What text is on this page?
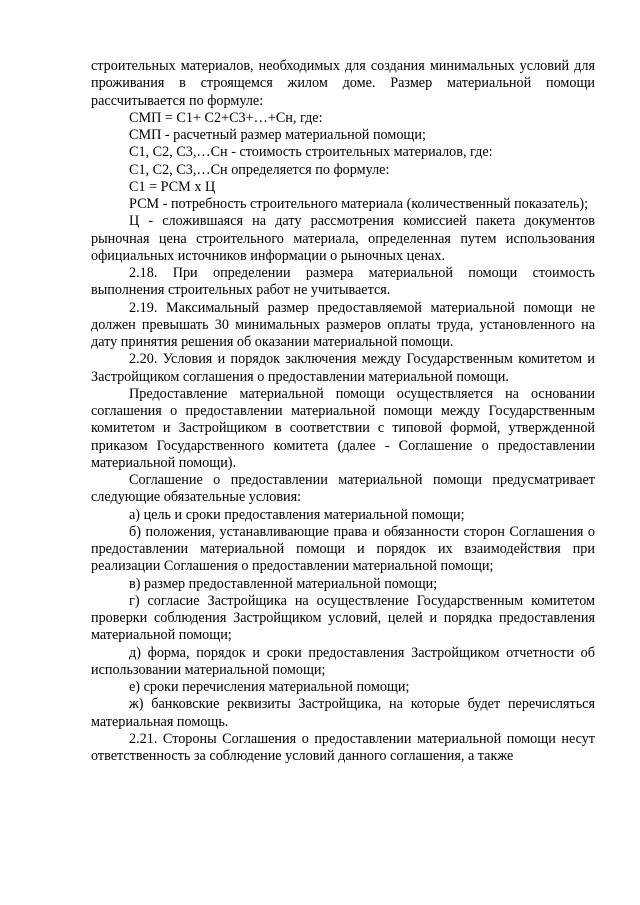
строительных материалов, необходимых для создания минимальных условий для проживания в строящемся жилом доме. Размер материальной помощи рассчитывается по формуле:

СМП = С1+ С2+С3+…+Сн, где:

СМП - расчетный размер материальной помощи;

С1, С2, С3,…Сн - стоимость строительных материалов, где:

С1, С2, С3,…Сн определяется по формуле:

С1 = РСМ х Ц

РСМ - потребность строительного материала (количественный показатель);

Ц - сложившаяся на дату рассмотрения комиссией пакета документов рыночная цена строительного материала, определенная путем использования официальных источников информации о рыночных ценах.

2.18. При определении размера материальной помощи стоимость выполнения строительных работ не учитывается.

2.19. Максимальный размер предоставляемой материальной помощи не должен превышать 30 минимальных размеров оплаты труда, установленного на дату принятия решения об оказании материальной помощи.

2.20. Условия и порядок заключения между Государственным комитетом и Застройщиком соглашения о предоставлении материальной помощи.

Предоставление материальной помощи осуществляется на основании соглашения о предоставлении материальной помощи между Государственным комитетом и Застройщиком в соответствии с типовой формой, утвержденной приказом Государственного комитета (далее - Соглашение о предоставлении материальной помощи).

Соглашение о предоставлении материальной помощи предусматривает следующие обязательные условия:

а) цель и сроки предоставления материальной помощи;

б) положения, устанавливающие права и обязанности сторон Соглашения о предоставлении материальной помощи и порядок их взаимодействия при реализации Соглашения о предоставлении материальной помощи;

в) размер предоставленной материальной помощи;

г) согласие Застройщика на осуществление Государственным комитетом проверки соблюдения Застройщиком условий, целей и порядка предоставления материальной помощи;

д) форма, порядок и сроки предоставления Застройщиком отчетности об использовании материальной помощи;

е) сроки перечисления материальной помощи;

ж) банковские реквизиты Застройщика, на которые будет перечисляться материальная помощь.

2.21. Стороны Соглашения о предоставлении материальной помощи несут ответственность за соблюдение условий данного соглашения, а также
